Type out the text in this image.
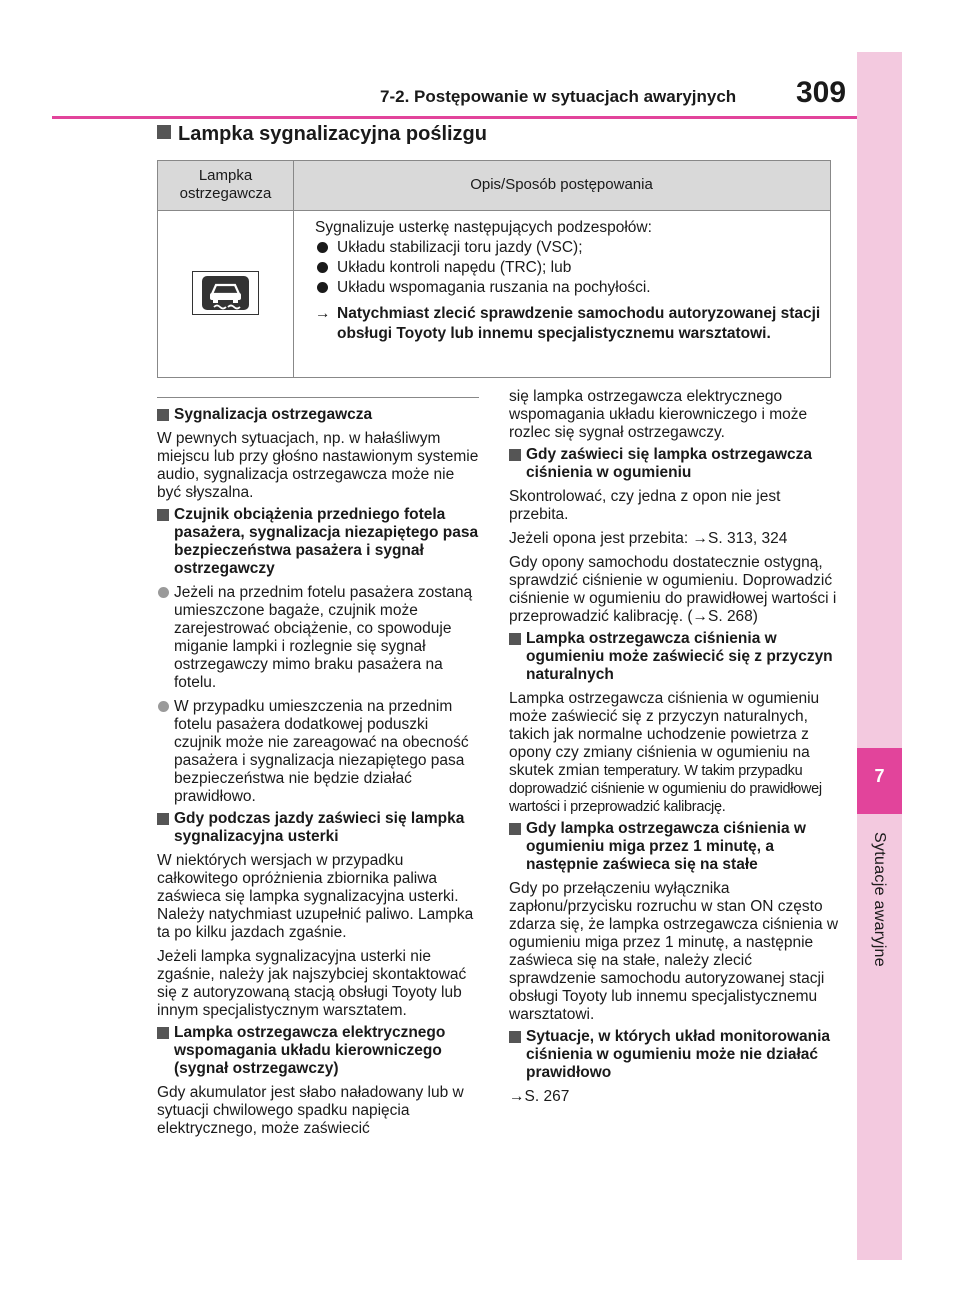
7
Sytuacje awaryjne
7-2. Postępowanie w sytuacjach awaryjnych 309
Lampka sygnalizacyjna poślizgu
Lampka ostrzegawcza
Opis/Sposób postępowania
Sygnalizuje usterkę następujących podzespołów:
Układu stabilizacji toru jazdy (VSC);
Układu kontroli napędu (TRC); lub
Układu wspomagania ruszania na pochyłości.
→ Natychmiast zlecić sprawdzenie samochodu autoryzowanej stacji obsługi Toyoty lub innemu specjalistycznemu warsztatowi.
Sygnalizacja ostrzegawcza
W pewnych sytuacjach, np. w hałaśliwym miejscu lub przy głośno nastawionym systemie audio, sygnalizacja ostrzegawcza może nie być słyszalna.
Czujnik obciążenia przedniego fotela pasażera, sygnalizacja niezapiętego pasa bezpieczeństwa pasażera i sygnał ostrzegawczy
Jeżeli na przednim fotelu pasażera zostaną umieszczone bagaże, czujnik może zarejestrować obciążenie, co spowoduje miganie lampki i rozlegnie się sygnał ostrzegawczy mimo braku pasażera na fotelu.
W przypadku umieszczenia na przednim fotelu pasażera dodatkowej poduszki czujnik może nie zareagować na obecność pasażera i sygnalizacja niezapiętego pasa bezpieczeństwa nie będzie działać prawidłowo.
Gdy podczas jazdy zaświeci się lampka sygnalizacyjna usterki
W niektórych wersjach w przypadku całkowitego opróżnienia zbiornika paliwa zaświeca się lampka sygnalizacyjna usterki. Należy natychmiast uzupełnić paliwo. Lampka ta po kilku jazdach zgaśnie.
Jeżeli lampka sygnalizacyjna usterki nie zgaśnie, należy jak najszybciej skontaktować się z autoryzowaną stacją obsługi Toyoty lub innym specjalistycznym warsztatem.
Lampka ostrzegawcza elektrycznego wspomagania układu kierowniczego (sygnał ostrzegawczy)
Gdy akumulator jest słabo naładowany lub w sytuacji chwilowego spadku napięcia elektrycznego, może zaświecić
się lampka ostrzegawcza elektrycznego wspomagania układu kierowniczego i może rozlec się sygnał ostrzegawczy.
Gdy zaświeci się lampka ostrzegawcza ciśnienia w ogumieniu
Skontrolować, czy jedna z opon nie jest przebita.
Jeżeli opona jest przebita: →S. 313, 324
Gdy opony samochodu dostatecznie ostygną, sprawdzić ciśnienie w ogumieniu. Doprowadzić ciśnienie w ogumieniu do prawidłowej wartości i przeprowadzić kalibrację. (→S. 268)
Lampka ostrzegawcza ciśnienia w ogumieniu może zaświecić się z przyczyn naturalnych
Lampka ostrzegawcza ciśnienia w ogumieniu może zaświecić się z przyczyn naturalnych, takich jak normalne uchodzenie powietrza z opony czy zmiany ciśnienia w ogumieniu na skutek zmian temperatury. W takim przypadku doprowadzić ciśnienie w ogumieniu do prawidłowej wartości i przeprowadzić kalibrację.
Gdy lampka ostrzegawcza ciśnienia w ogumieniu miga przez 1 minutę, a następnie zaświeca się na stałe
Gdy po przełączeniu wyłącznika zapłonu/przycisku rozruchu w stan ON często zdarza się, że lampka ostrzegawcza ciśnienia w ogumieniu miga przez 1 minutę, a następnie zaświeca się na stałe, należy zlecić sprawdzenie samochodu autoryzowanej stacji obsługi Toyoty lub innemu specjalistycznemu warsztatowi.
Sytuacje, w których układ monitorowania ciśnienia w ogumieniu może nie działać prawidłowo
→S. 267
